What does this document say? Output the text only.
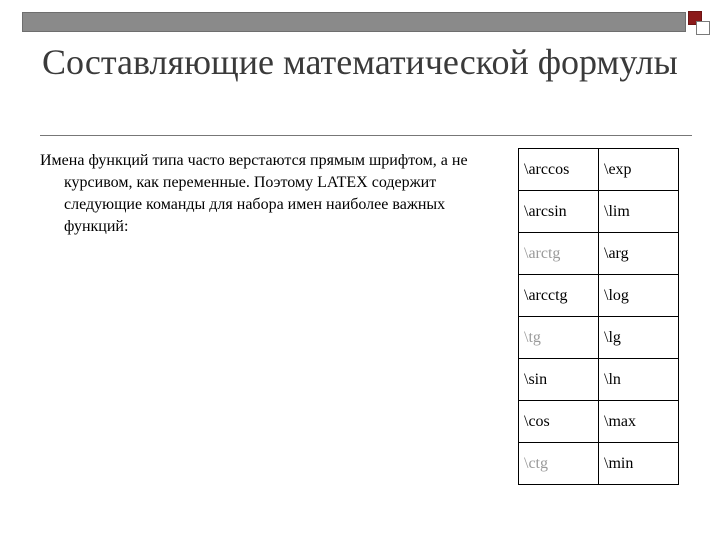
Составляющие математической формулы

Имена функций типа часто верстаются прямым шрифтом, а не курсивом, как переменные. Поэтому LATEX содержит следующие команды для набора имен наиболее важных функций:

\arccos	\exp
\arcsin	\lim
\arctg	\arg
\arcctg	\log
\tg	\lg
\sin	\ln
\cos	\max
\ctg	\min
